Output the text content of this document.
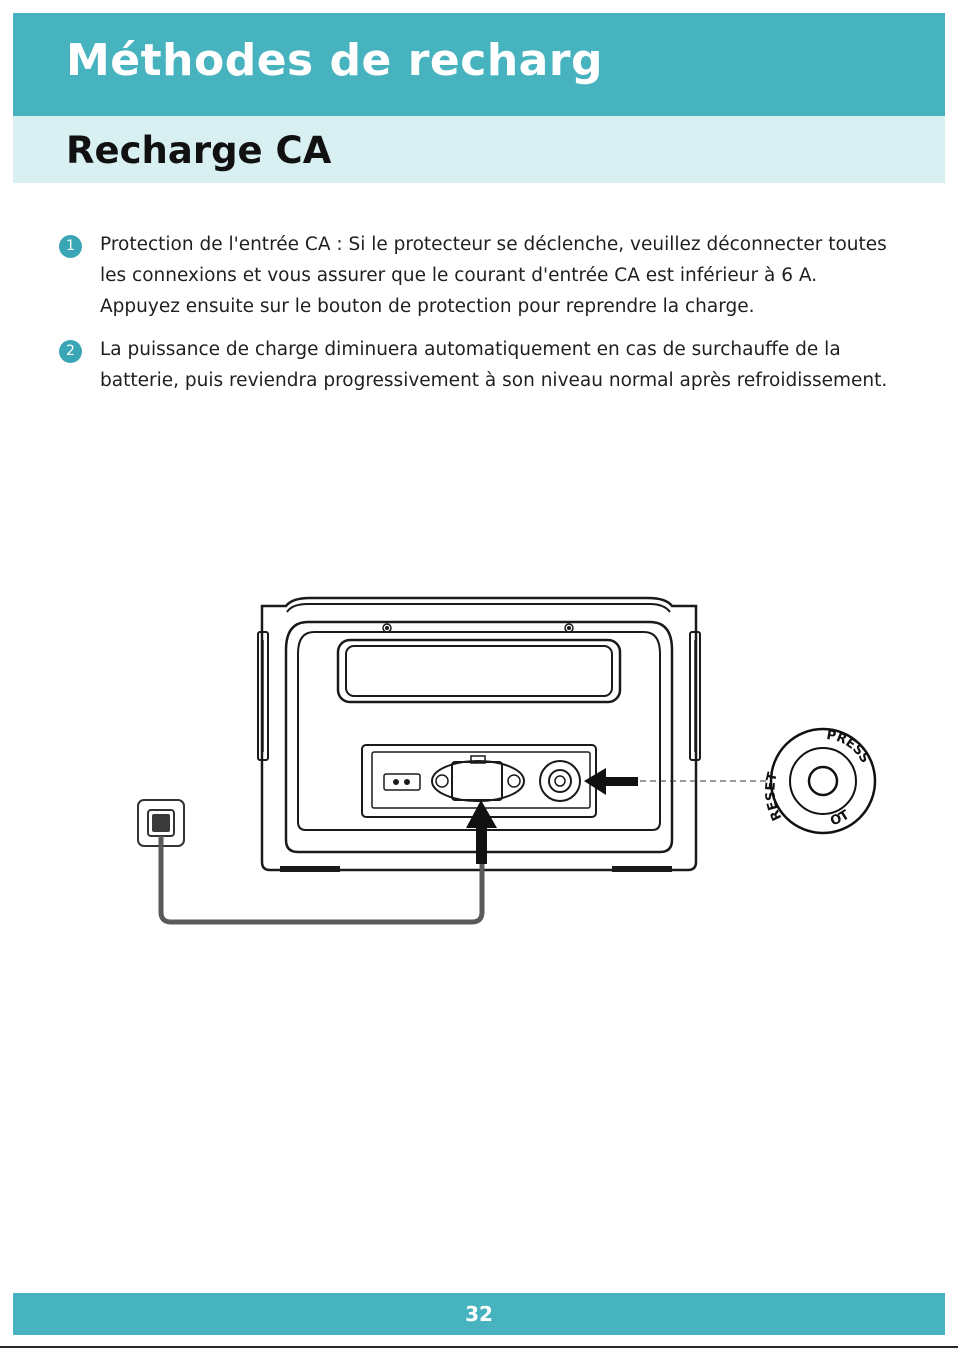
Méthodes de recharg
Recharge CA
1	Protection de l'entrée CA : Si le protecteur se déclenche, veuillez déconnecter toutes les connexions et vous assurer que le courant d'entrée CA est inférieur à 6 A. Appuyez ensuite sur le bouton de protection pour reprendre la charge.

2	La puissance de charge diminuera automatiquement en cas de surchauffe de la batterie, puis reviendra progressivement à son niveau normal après refroidissement.

RESET
PRESS
OT
32
